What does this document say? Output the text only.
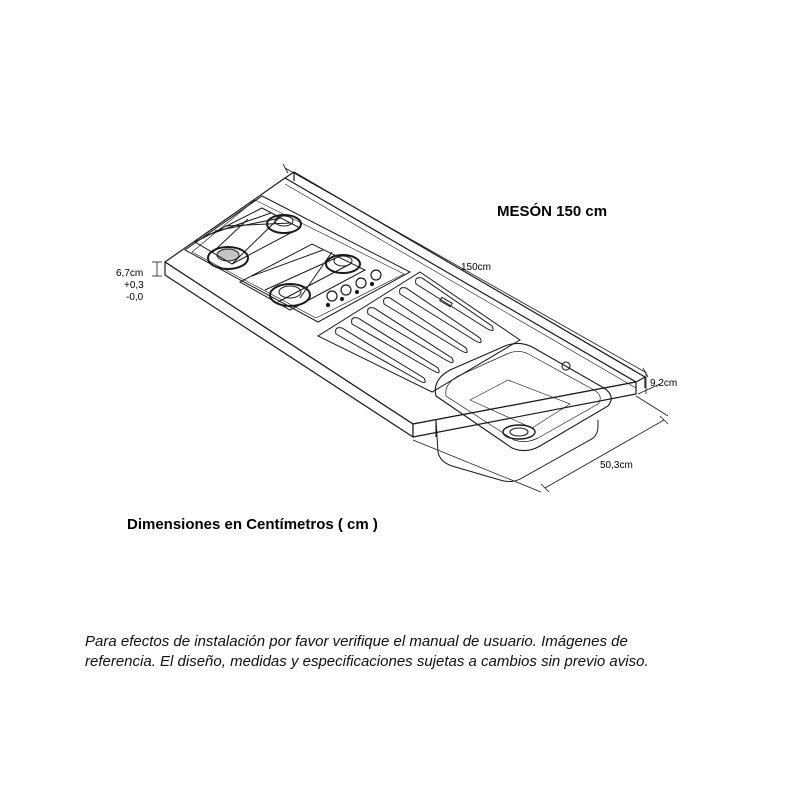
MESÓN 150 cm
150cm
6,7cm
+0,3
-0,0
9,2cm
50,3cm
Dimensiones en Centímetros ( cm )
Para efectos de instalación por favor verifique el manual de usuario. Imágenes de
referencia. El diseño, medidas y especificaciones sujetas a cambios sin previo aviso.
